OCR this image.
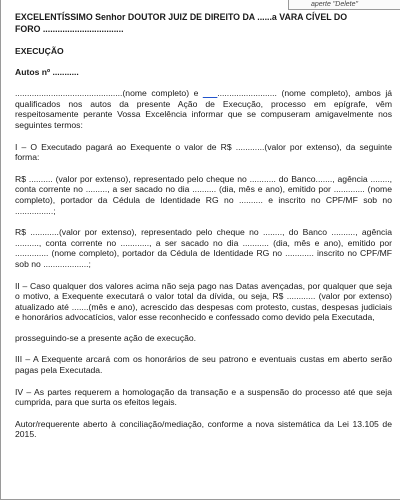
aperte "Delete"

EXCELENTÍSSIMO Senhor DOUTOR JUIZ DE DIREITO DA ......a VARA CÍVEL DO

FORO .................................

EXECUÇÃO

Autos nº ...........

.............................................(nome completo) e ___......................... (nome completo), ambos já qualificados nos autos da presente Ação de Execução, processo em epígrafe, vêm respeitosamente perante Vossa Excelência informar que se compuseram amigavelmente nos seguintes termos:

I – O Executado pagará ao Exequente o valor de R$ ............(valor por extenso), da seguinte forma:

R$ .......... (valor por extenso), representado pelo cheque no ........... do Banco......., agência ........, conta corrente no ........., a ser sacado no dia .......... (dia, mês e ano), emitido por ............. (nome completo), portador da Cédula de Identidade RG no .......... e inscrito no CPF/MF sob no ................;

R$ ............(valor por extenso), representado pelo cheque no ........, do Banco .........., agência .........., conta corrente no ............, a ser sacado no dia ........... (dia, mês e ano), emitido por .............. (nome completo), portador da Cédula de Identidade RG no ............ inscrito no CPF/MF sob no ...................;

II – Caso qualquer dos valores acima não seja pago nas Datas avençadas, por qualquer que seja o motivo, a Exequente executará o valor total da dívida, ou seja, R$ ............ (valor por extenso) atualizado até .......(mês e ano), acrescido das despesas com protesto, custas, despesas judiciais e honorários advocatícios, valor esse reconhecido e confessado como devido pela Executada,

prosseguindo-se a presente ação de execução.

III – A Exequente arcará com os honorários de seu patrono e eventuais custas em aberto serão pagas pela Executada.

IV – As partes requerem a homologação da transação e a suspensão do processo até que seja cumprida, para que surta os efeitos legais.

Autor/requerente aberto à conciliação/mediação, conforme a nova sistemática da Lei 13.105 de 2015.
